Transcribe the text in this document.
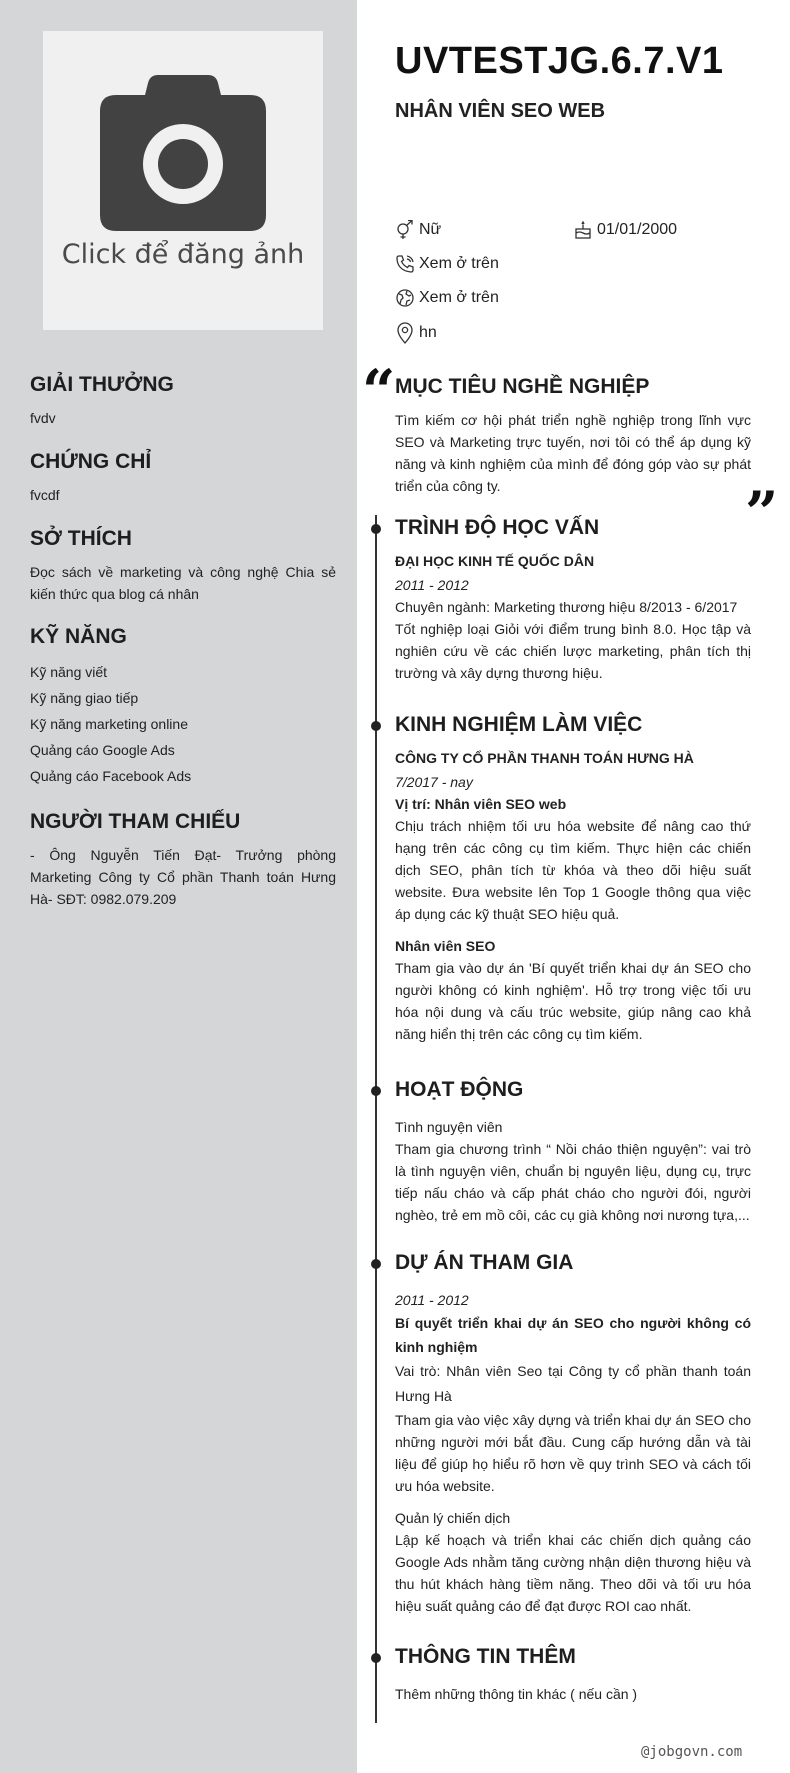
Click để đăng ảnh
GIẢI THƯỞNG
fvdv
CHỨNG CHỈ
fvcdf
SỞ THÍCH
Đọc sách về marketing và công nghệ Chia sẻ kiến thức qua blog cá nhân
KỸ NĂNG
Kỹ năng viết
Kỹ năng giao tiếp
Kỹ năng marketing online
Quảng cáo Google Ads
Quảng cáo Facebook Ads
NGƯỜI THAM CHIẾU
- Ông Nguyễn Tiến Đạt- Trưởng phòng Marketing Công ty Cổ phần Thanh toán Hưng Hà- SĐT: 0982.079.209
UVTESTJG.6.7.V1
NHÂN VIÊN SEO WEB
Nữ	01/01/2000
Xem ở trên
Xem ở trên
hn
“
”
MỤC TIÊU NGHỀ NGHIỆP
Tìm kiếm cơ hội phát triển nghề nghiệp trong lĩnh vực SEO và Marketing trực tuyến, nơi tôi có thể áp dụng kỹ năng và kinh nghiệm của mình để đóng góp vào sự phát triển của công ty.
TRÌNH ĐỘ HỌC VẤN
ĐẠI HỌC KINH TẾ QUỐC DÂN
2011 - 2012
Chuyên ngành: Marketing thương hiệu 8/2013 - 6/2017
Tốt nghiệp loại Giỏi với điểm trung bình 8.0. Học tập và nghiên cứu về các chiến lược marketing, phân tích thị trường và xây dựng thương hiệu.
KINH NGHIỆM LÀM VIỆC
CÔNG TY CỔ PHẦN THANH TOÁN HƯNG HÀ
7/2017 - nay
Vị trí: Nhân viên SEO web
Chịu trách nhiệm tối ưu hóa website để nâng cao thứ hạng trên các công cụ tìm kiếm. Thực hiện các chiến dịch SEO, phân tích từ khóa và theo dõi hiệu suất website. Đưa website lên Top 1 Google thông qua việc áp dụng các kỹ thuật SEO hiệu quả.
Nhân viên SEO
Tham gia vào dự án 'Bí quyết triển khai dự án SEO cho người không có kinh nghiệm'. Hỗ trợ trong việc tối ưu hóa nội dung và cấu trúc website, giúp nâng cao khả năng hiển thị trên các công cụ tìm kiếm.
HOẠT ĐỘNG
Tình nguyện viên
Tham gia chương trình “ Nồi cháo thiện nguyện”: vai trò là tình nguyện viên, chuẩn bị nguyên liệu, dụng cụ, trực tiếp nấu cháo và cấp phát cháo cho người đói, người nghèo, trẻ em mồ côi, các cụ già không nơi nương tựa,...
DỰ ÁN THAM GIA
2011 - 2012
Bí quyết triển khai dự án SEO cho người không có kinh nghiệm
Vai trò: Nhân viên Seo tại Công ty cổ phần thanh toán Hưng Hà
Tham gia vào việc xây dựng và triển khai dự án SEO cho những người mới bắt đầu. Cung cấp hướng dẫn và tài liệu để giúp họ hiểu rõ hơn về quy trình SEO và cách tối ưu hóa website.
Quản lý chiến dịch
Lập kế hoạch và triển khai các chiến dịch quảng cáo Google Ads nhằm tăng cường nhận diện thương hiệu và thu hút khách hàng tiềm năng. Theo dõi và tối ưu hóa hiệu suất quảng cáo để đạt được ROI cao nhất.
THÔNG TIN THÊM
Thêm những thông tin khác ( nếu cần )
@jobgovn.com
